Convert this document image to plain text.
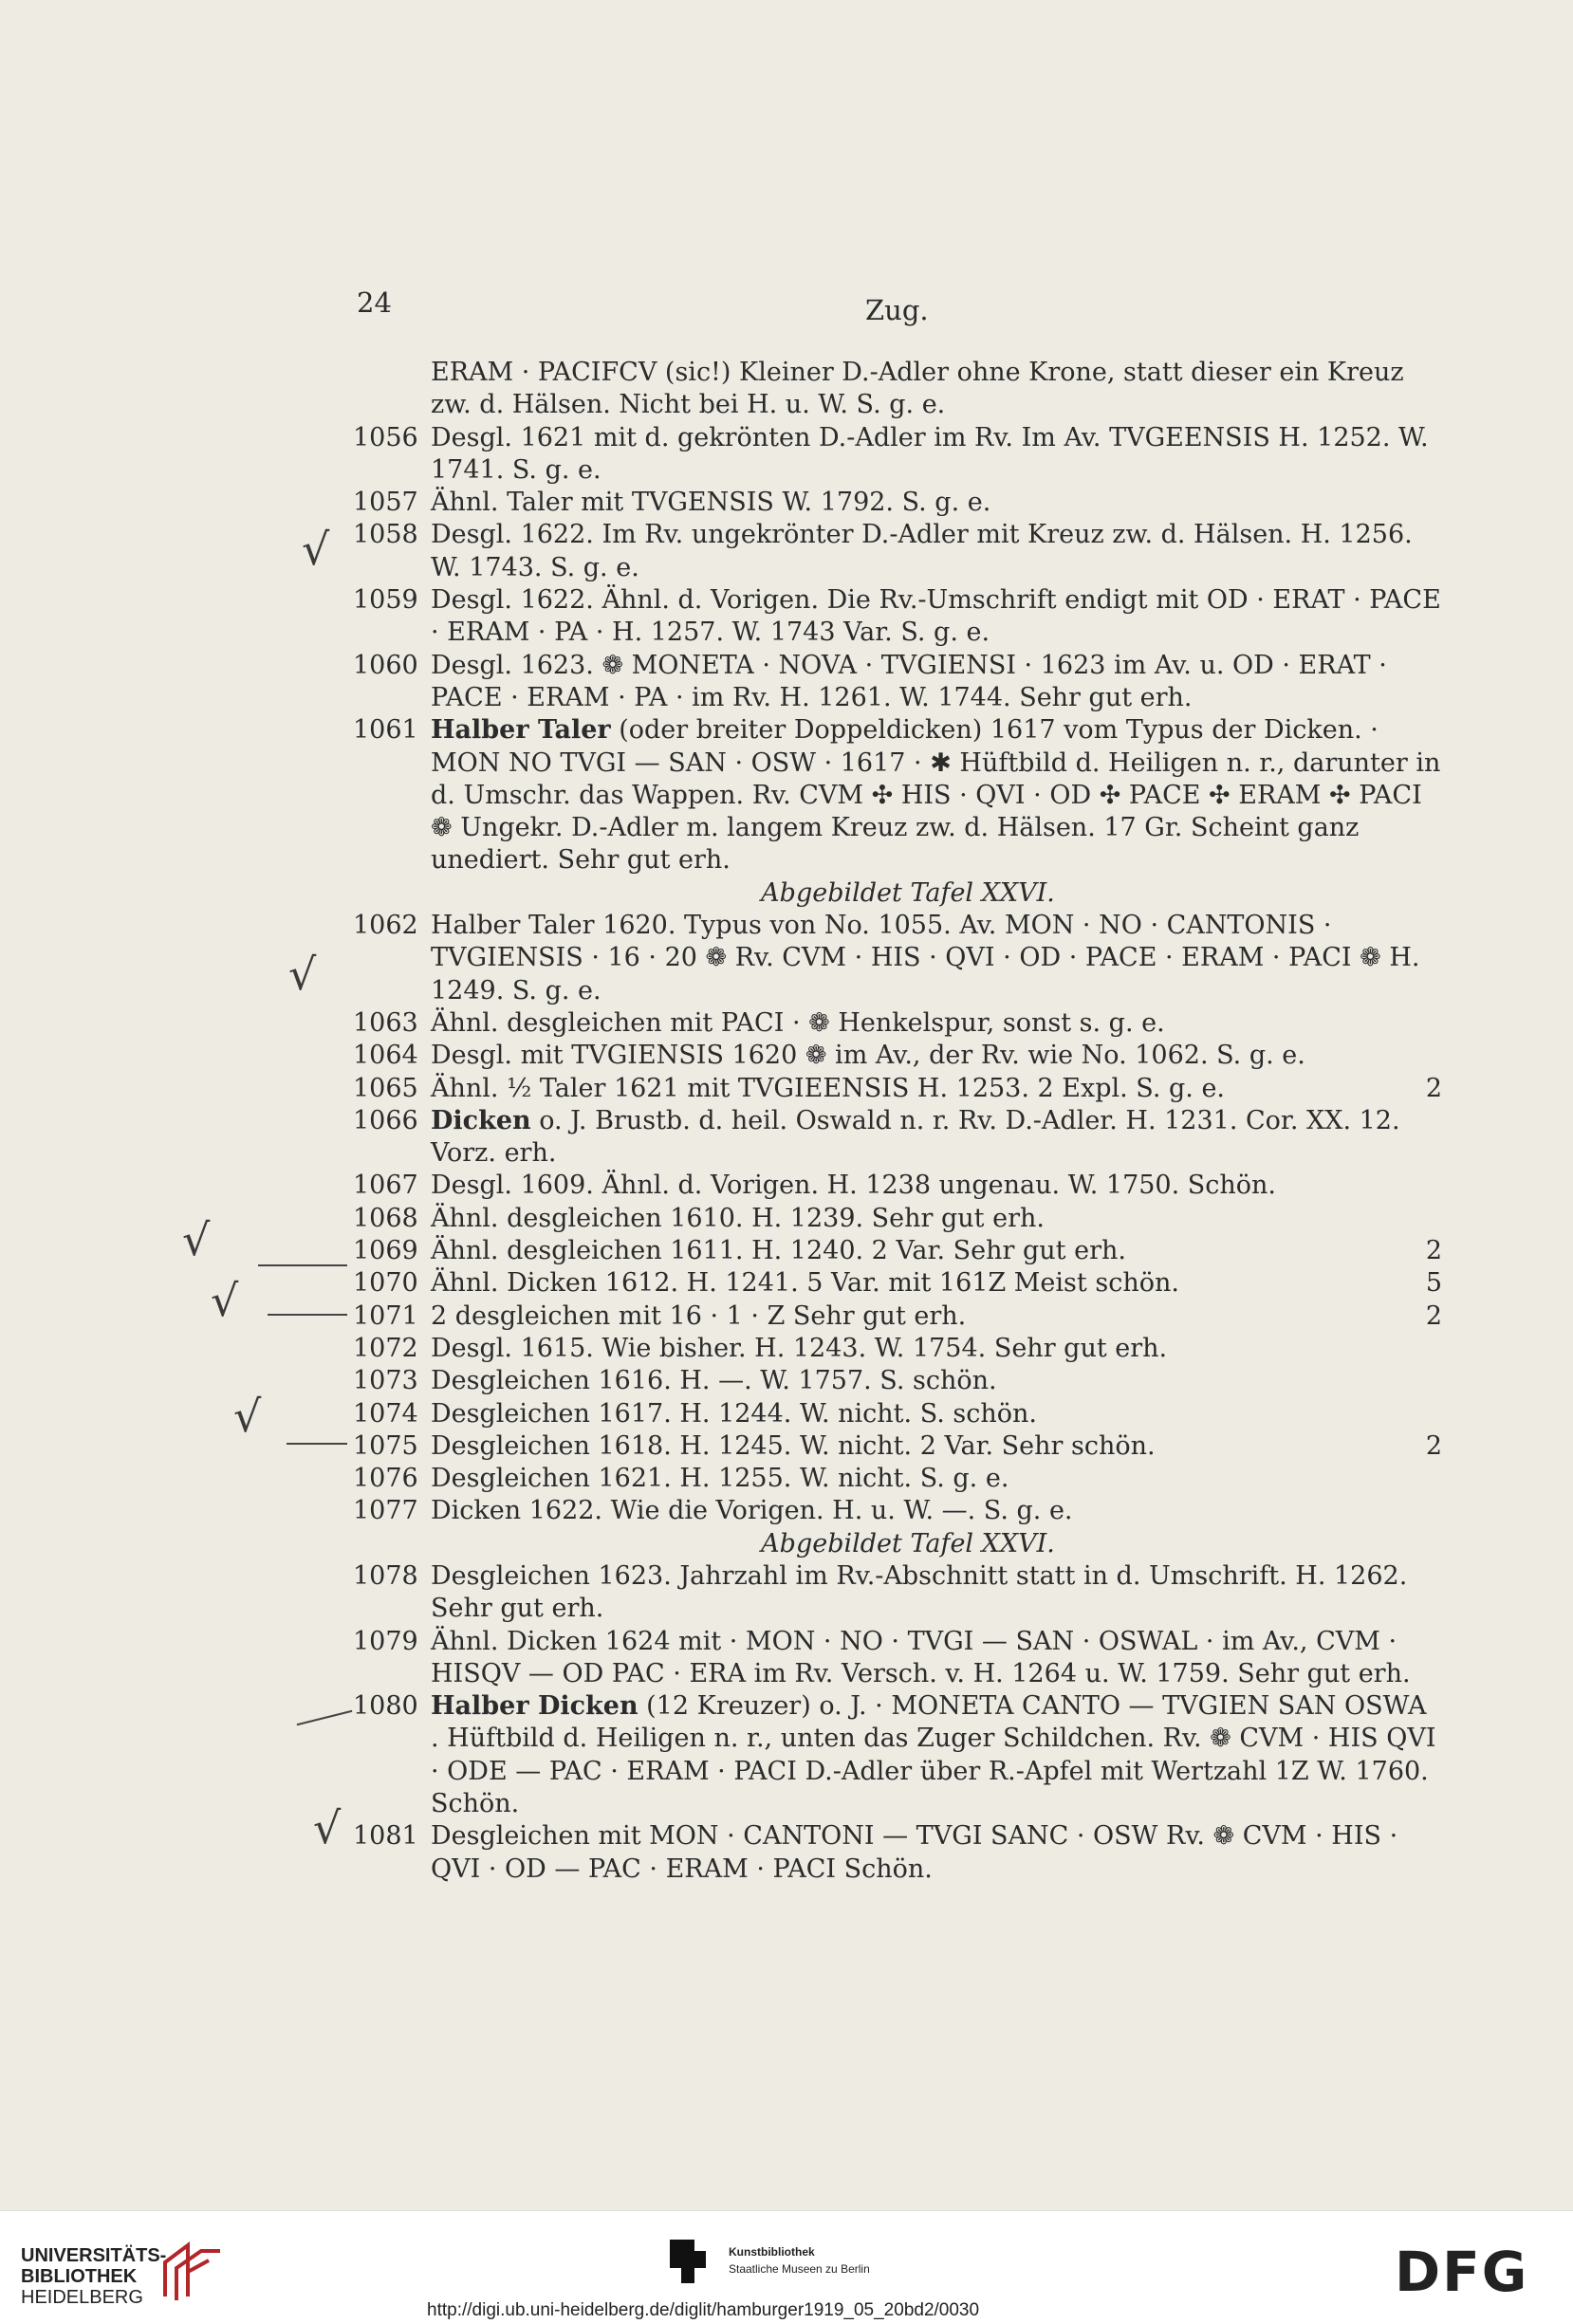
24	Zug.
ERAM · PACIFCV (sic!) Kleiner D.-Adler ohne Krone, statt dieser ein Kreuz zw. d. Hälsen. Nicht bei H. u. W. S. g. e.
1056 Desgl. 1621 mit d. gekrönten D.-Adler im Rv. Im Av. TVGEENSIS H. 1252. W. 1741. S. g. e.
1057 Ähnl. Taler mit TVGENSIS W. 1792. S. g. e.
1058 Desgl. 1622. Im Rv. ungekrönter D.-Adler mit Kreuz zw. d. Hälsen. H. 1256. W. 1743. S. g. e.
1059 Desgl. 1622. Ähnl. d. Vorigen. Die Rv.-Umschrift endigt mit OD · ERAT · PACE · ERAM · PA · H. 1257. W. 1743 Var. S. g. e.
1060 Desgl. 1623. ❁ MONETA · NOVA · TVGIENSI · 1623 im Av. u. OD · ERAT · PACE · ERAM · PA · im Rv. H. 1261. W. 1744. Sehr gut erh.
1061 Halber Taler (oder breiter Doppeldicken) 1617 vom Typus der Dicken. · MON NO TVGI — SAN · OSW · 1617 · ✱ Hüftbild d. Heiligen n. r., darunter in d. Umschr. das Wappen. Rv. CVM ✣ HIS · QVI · OD ✣ PACE ✣ ERAM ✣ PACI ❁ Ungekr. D.-Adler m. langem Kreuz zw. d. Hälsen. 17 Gr. Scheint ganz unediert. Sehr gut erh.
Abgebildet Tafel XXVI.
1062 Halber Taler 1620. Typus von No. 1055. Av. MON · NO · CANTONIS · TVGIENSIS · 16 · 20 ❁ Rv. CVM · HIS · QVI · OD · PACE · ERAM · PACI ❁ H. 1249. S. g. e.
1063 Ähnl. desgleichen mit PACI · ❁ Henkelspur, sonst s. g. e.
1064 Desgl. mit TVGIENSIS 1620 ❁ im Av., der Rv. wie No. 1062. S. g. e.
1065 Ähnl. ½ Taler 1621 mit TVGIEENSIS H. 1253. 2 Expl. S. g. e.	2
1066 Dicken o. J. Brustb. d. heil. Oswald n. r. Rv. D.-Adler. H. 1231. Cor. XX. 12. Vorz. erh.
1067 Desgl. 1609. Ähnl. d. Vorigen. H. 1238 ungenau. W. 1750. Schön.
1068 Ähnl. desgleichen 1610. H. 1239. Sehr gut erh.
1069 Ähnl. desgleichen 1611. H. 1240. 2 Var. Sehr gut erh.	2
1070 Ähnl. Dicken 1612. H. 1241. 5 Var. mit 161Z Meist schön.	5
1071 2 desgleichen mit 16 · 1 · Z Sehr gut erh.	2
1072 Desgl. 1615. Wie bisher. H. 1243. W. 1754. Sehr gut erh.
1073 Desgleichen 1616. H. —. W. 1757. S. schön.
1074 Desgleichen 1617. H. 1244. W. nicht. S. schön.
1075 Desgleichen 1618. H. 1245. W. nicht. 2 Var. Sehr schön.	2
1076 Desgleichen 1621. H. 1255. W. nicht. S. g. e.
1077 Dicken 1622. Wie die Vorigen. H. u. W. —. S. g. e.
Abgebildet Tafel XXVI.
1078 Desgleichen 1623. Jahrzahl im Rv.-Abschnitt statt in d. Umschrift. H. 1262. Sehr gut erh.
1079 Ähnl. Dicken 1624 mit · MON · NO · TVGI — SAN · OSWAL · im Av., CVM · HISQV — OD PAC · ERA im Rv. Versch. v. H. 1264 u. W. 1759. Sehr gut erh.
1080 Halber Dicken (12 Kreuzer) o. J. · MONETA CANTO — TVGIEN SAN OSWA . Hüftbild d. Heiligen n. r., unten das Zuger Schildchen. Rv. ❁ CVM · HIS QVI · ODE — PAC · ERAM · PACI D.-Adler über R.-Apfel mit Wertzahl 1Z W. 1760. Schön.
1081 Desgleichen mit MON · CANTONI — TVGI SANC · OSW Rv. ❁ CVM · HIS · QVI · OD — PAC · ERAM · PACI Schön.
√
√
√
√
√
√
UNIVERSITÄTS-
BIBLIOTHEK
HEIDELBERG
Kunstbibliothek
Staatliche Museen zu Berlin	DFG
http://digi.ub.uni-heidelberg.de/diglit/hamburger1919_05_20bd2/0030
